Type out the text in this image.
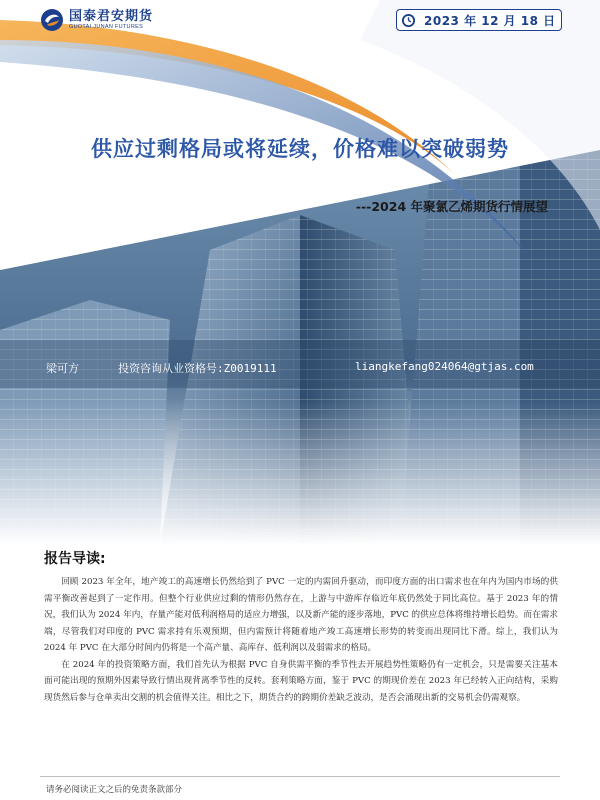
国泰君安期货
GUOTAI JUNAN FUTURES	2023 年 12 月 18 日
供应过剩格局或将延续，价格难以突破弱势
---2024 年聚氯乙烯期货行情展望
梁可方	投资咨询从业资格号:Z0019111	liangkefang024064@gtjas.com
报告导读:

回顾 2023 年全年，地产竣工的高速增长仍然给到了 PVC 一定的内需回升驱动，而印度方面的出口需求也在年内为国内市场的供需平衡改善起到了一定作用。但整个行业供应过剩的情形仍然存在，上游与中游库存临近年底仍然处于同比高位。基于 2023 年的情况，我们认为 2024 年内，存量产能对低利润格局的适应力增强，以及新产能的逐步落地，PVC 的供应总体将维持增长趋势。而在需求端，尽管我们对印度的 PVC 需求持有乐观预期，但内需预计将随着地产竣工高速增长形势的转变而出现同比下滑。综上，我们认为 2024 年 PVC 在大部分时间内仍将是一个高产量、高库存、低利润以及弱需求的格局。

在 2024 年的投资策略方面，我们首先认为根据 PVC 自身供需平衡的季节性去开展趋势性策略仍有一定机会，只是需要关注基本面可能出现的预期外因素导致行情出现背离季节性的反转。套利策略方面，鉴于 PVC 的期现价差在 2023 年已经转入正向结构，采购现货然后参与仓单卖出交割的机会值得关注。相比之下，期货合约的跨期价差缺乏波动，是否会涌现出新的交易机会仍需观察。

请务必阅读正文之后的免责条款部分
